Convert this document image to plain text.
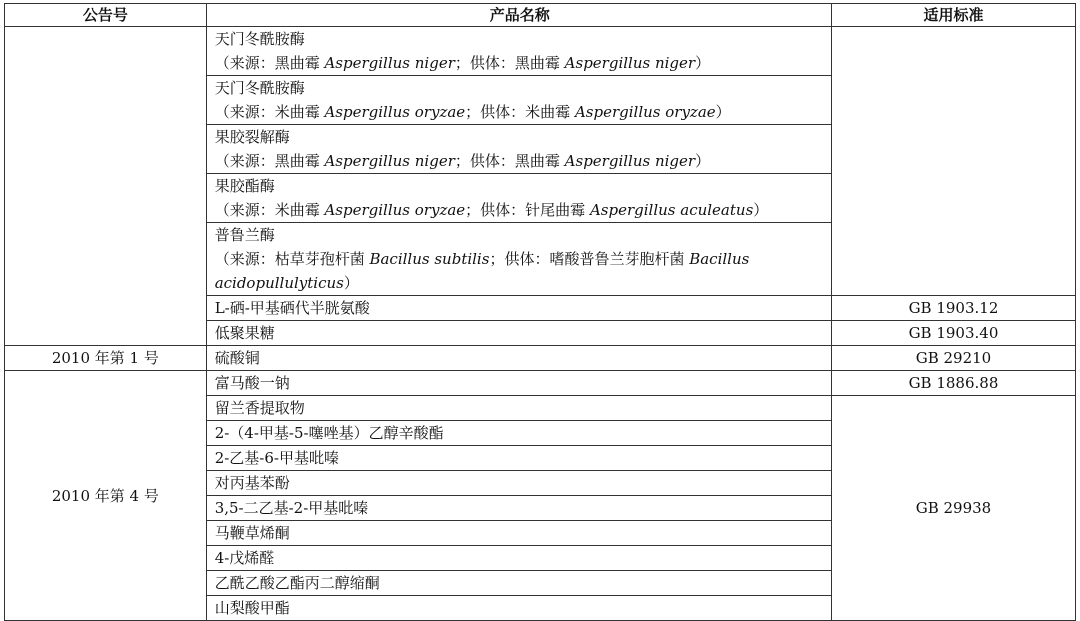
公告号	产品名称	适用标准

	天门冬酰胺酶
（来源：黑曲霉 Aspergillus niger；供体：黑曲霉 Aspergillus niger）	

	天门冬酰胺酶
（来源：米曲霉 Aspergillus oryzae；供体：米曲霉 Aspergillus oryzae）	

	果胶裂解酶
（来源：黑曲霉 Aspergillus niger；供体：黑曲霉 Aspergillus niger）	

	果胶酯酶
（来源：米曲霉 Aspergillus oryzae；供体：针尾曲霉 Aspergillus aculeatus）	

	普鲁兰酶
（来源：枯草芽孢杆菌 Bacillus subtilis；供体：嗜酸普鲁兰芽胞杆菌 Bacillus acidopullulyticus）	

	L-硒-甲基硒代半胱氨酸	GB 1903.12
	低聚果糖	GB 1903.40
2010 年第 1 号	硫酸铜	GB 29210
2010 年第 4 号	富马酸一钠	GB 1886.88
	留兰香提取物	GB 29938
	2-（4-甲基-5-噻唑基）乙醇辛酸酯	
	2-乙基-6-甲基吡嗪	
	对丙基苯酚	
	3,5-二乙基-2-甲基吡嗪	
	马鞭草烯酮	
	4-戊烯醛	
	乙酰乙酸乙酯丙二醇缩酮	
	山梨酸甲酯	
